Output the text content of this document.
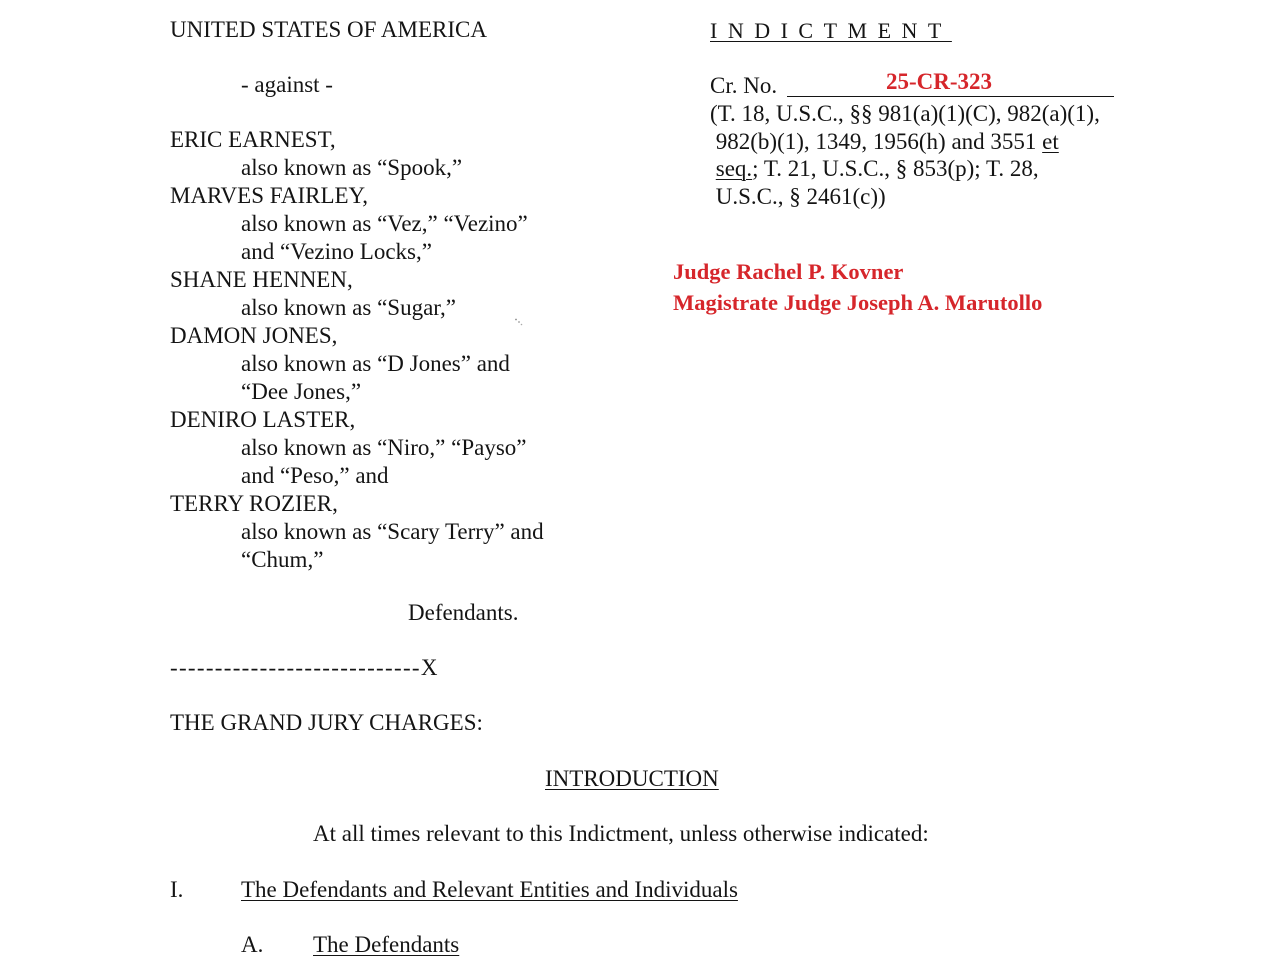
UNITED STATES OF AMERICA
- against -
ERIC EARNEST,
also known as “Spook,”
MARVES FAIRLEY,
also known as “Vez,” “Vezino”
and “Vezino Locks,”
SHANE HENNEN,
also known as “Sugar,”
DAMON JONES,
also known as “D Jones” and
“Dee Jones,”
DENIRO LASTER,
also known as “Niro,” “Payso”
and “Peso,” and
TERRY ROZIER,
also known as “Scary Terry” and
“Chum,”
INDICTMENT
Cr. No.	25-CR-323
(T. 18, U.S.C., §§ 981(a)(1)(C), 982(a)(1),
982(b)(1), 1349, 1956(h) and 3551 et
seq.; T. 21, U.S.C., § 853(p); T. 28,
U.S.C., § 2461(c))
Judge Rachel P. Kovner
Magistrate Judge Joseph A. Marutollo
Defendants.
----------------------------X
THE GRAND JURY CHARGES:
INTRODUCTION
At all times relevant to this Indictment, unless otherwise indicated:
I.	The Defendants and Relevant Entities and Individuals
A. The Defendants
